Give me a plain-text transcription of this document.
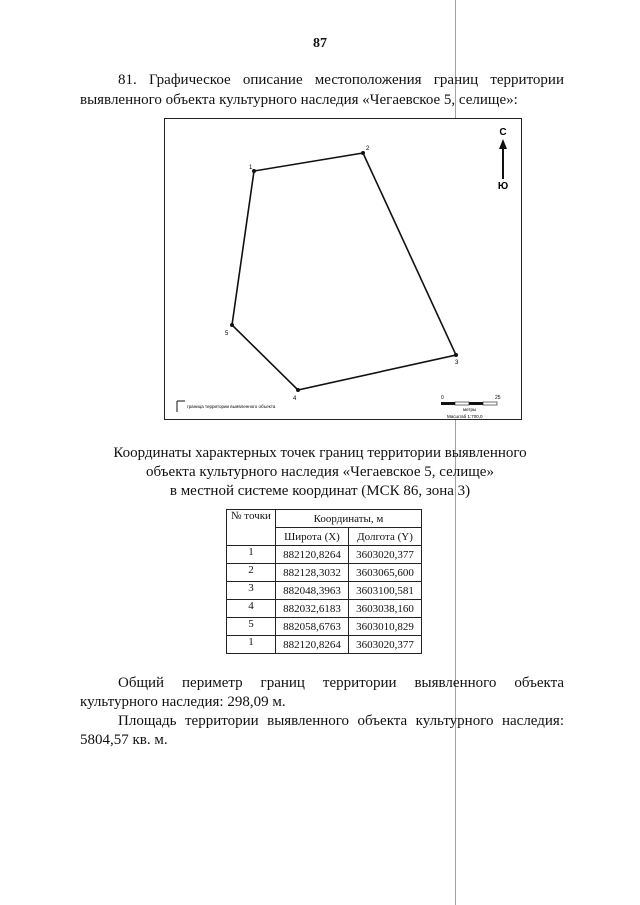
87
81. Графическое описание местоположения границ территории
выявленного объекта культурного наследия «Чегаевское 5, селище»:
1
2
3
4
5
С
Ю
граница территории выявленного объекта
0	25
метры
Масштаб 1:700,0
Координаты характерных точек границ территории выявленного
объекта культурного наследия «Чегаевское 5, селище»
в местной системе координат (МСК 86, зона 3)
№ точки	Координаты, м	
	Широта (X)	Долгота (Y)
1	882120,8264	3603020,377
2	882128,3032	3603065,600
3	882048,3963	3603100,581
4	882032,6183	3603038,160
5	882058,6763	3603010,829
1	882120,8264	3603020,377
Общий периметр границ территории выявленного объекта
культурного наследия: 298,09 м.
Площадь территории выявленного объекта культурного наследия:
5804,57 кв. м.
